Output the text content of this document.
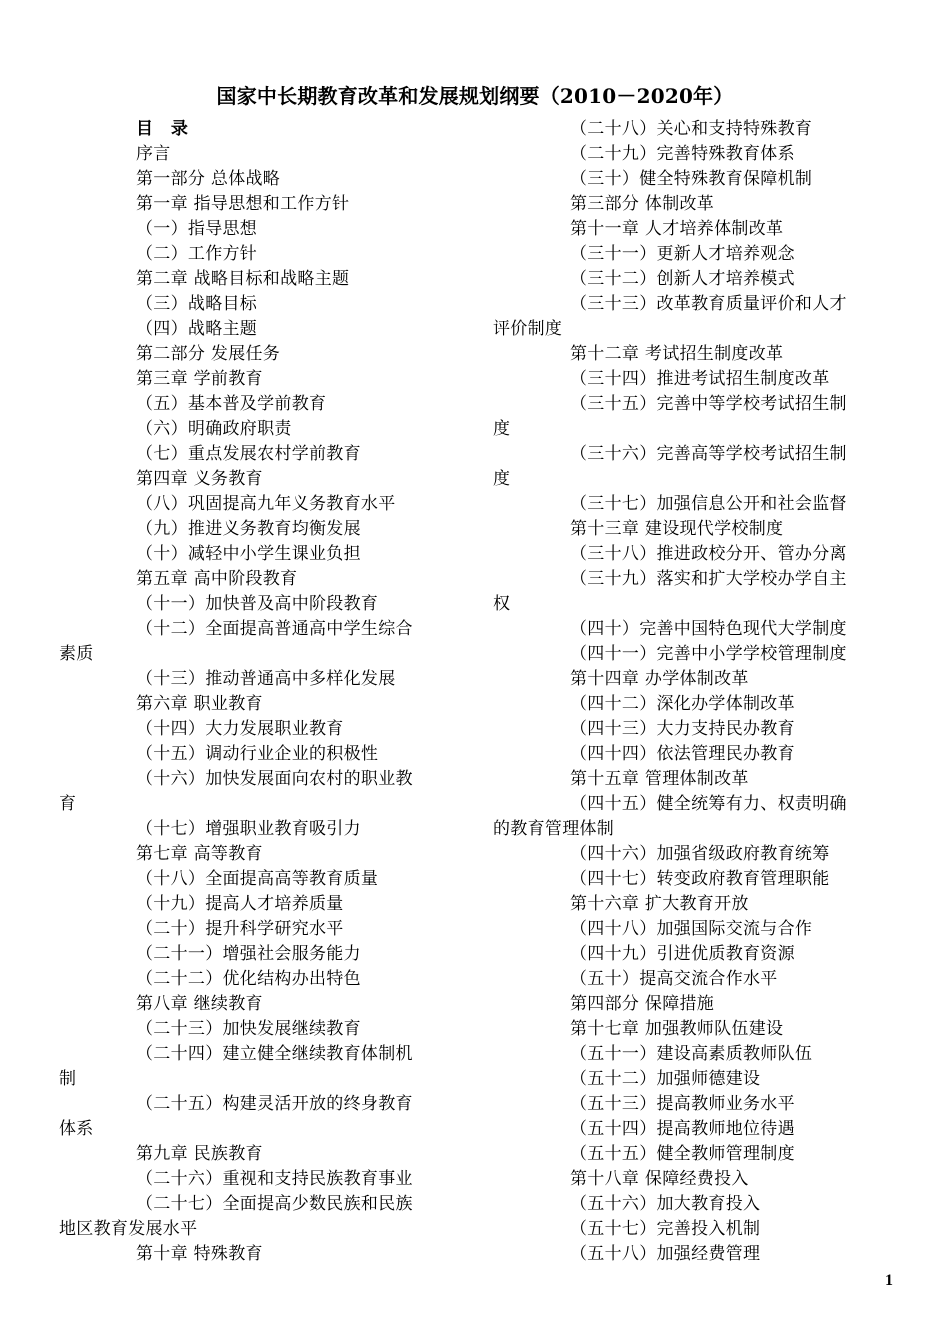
国家中长期教育改革和发展规划纲要（2010－2020年）
目 录
序言
第一部分 总体战略
第一章 指导思想和工作方针
（一）指导思想
（二）工作方针
第二章 战略目标和战略主题
（三）战略目标
（四）战略主题
第二部分 发展任务
第三章 学前教育
（五）基本普及学前教育
（六）明确政府职责
（七）重点发展农村学前教育
第四章 义务教育
（八）巩固提高九年义务教育水平
（九）推进义务教育均衡发展
（十）减轻中小学生课业负担
第五章 高中阶段教育
（十一）加快普及高中阶段教育
（十二）全面提高普通高中学生综合
素质
（十三）推动普通高中多样化发展
第六章 职业教育
（十四）大力发展职业教育
（十五）调动行业企业的积极性
（十六）加快发展面向农村的职业教
育
（十七）增强职业教育吸引力
第七章 高等教育
（十八）全面提高高等教育质量
（十九）提高人才培养质量
（二十）提升科学研究水平
（二十一）增强社会服务能力
（二十二）优化结构办出特色
第八章 继续教育
（二十三）加快发展继续教育
（二十四）建立健全继续教育体制机
制
（二十五）构建灵活开放的终身教育
体系
第九章 民族教育
（二十六）重视和支持民族教育事业
（二十七）全面提高少数民族和民族
地区教育发展水平
第十章 特殊教育
（二十八）关心和支持特殊教育
（二十九）完善特殊教育体系
（三十）健全特殊教育保障机制
第三部分 体制改革
第十一章 人才培养体制改革
（三十一）更新人才培养观念
（三十二）创新人才培养模式
（三十三）改革教育质量评价和人才
评价制度
第十二章 考试招生制度改革
（三十四）推进考试招生制度改革
（三十五）完善中等学校考试招生制
度
（三十六）完善高等学校考试招生制
度
（三十七）加强信息公开和社会监督
第十三章 建设现代学校制度
（三十八）推进政校分开、管办分离
（三十九）落实和扩大学校办学自主
权
（四十）完善中国特色现代大学制度
（四十一）完善中小学学校管理制度
第十四章 办学体制改革
（四十二）深化办学体制改革
（四十三）大力支持民办教育
（四十四）依法管理民办教育
第十五章 管理体制改革
（四十五）健全统筹有力、权责明确
的教育管理体制
（四十六）加强省级政府教育统筹
（四十七）转变政府教育管理职能
第十六章 扩大教育开放
（四十八）加强国际交流与合作
（四十九）引进优质教育资源
（五十）提高交流合作水平
第四部分 保障措施
第十七章 加强教师队伍建设
（五十一）建设高素质教师队伍
（五十二）加强师德建设
（五十三）提高教师业务水平
（五十四）提高教师地位待遇
（五十五）健全教师管理制度
第十八章 保障经费投入
（五十六）加大教育投入
（五十七）完善投入机制
（五十八）加强经费管理
1
